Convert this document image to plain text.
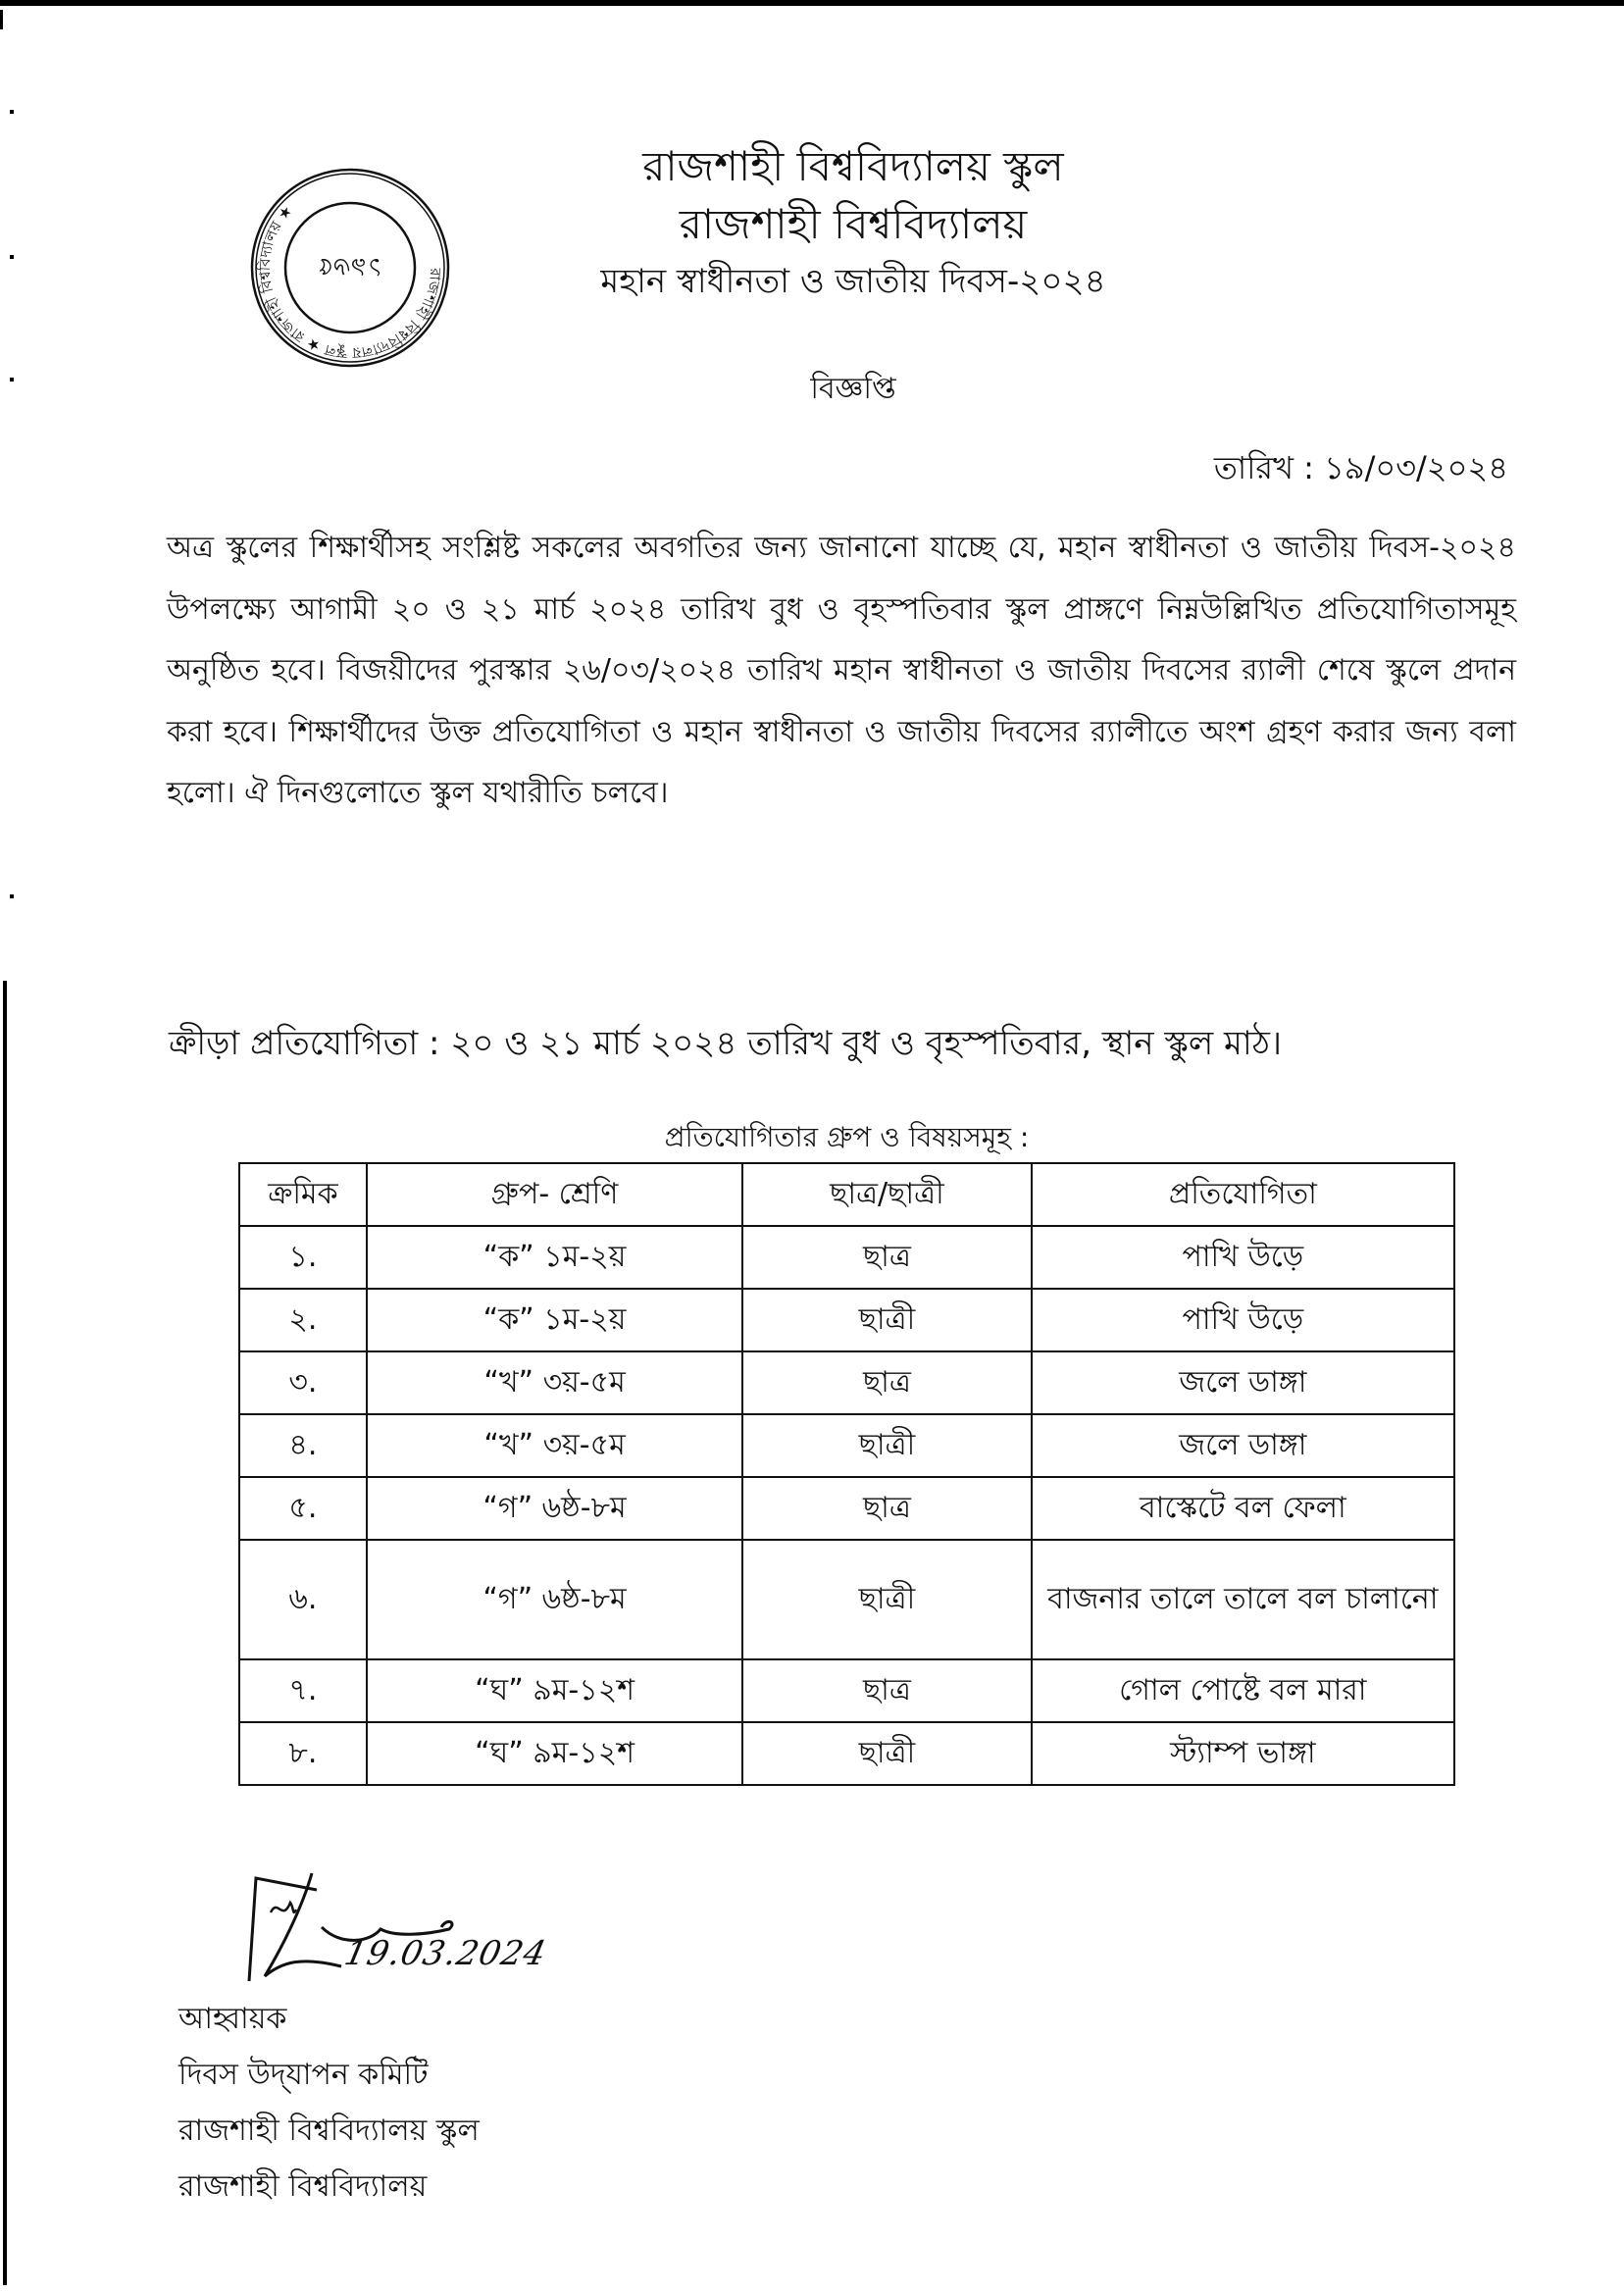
রাজশাহী বিশ্ববিদ্যালয় স্কুল ★ রাজশাহী বিশ্ববিদ্যালয় ★
১৯৬৫
রাজশাহী বিশ্ববিদ্যালয় স্কুল
রাজশাহী বিশ্ববিদ্যালয়
মহান স্বাধীনতা ও জাতীয় দিবস-২০২৪
বিজ্ঞপ্তি
তারিখ : ১৯/০৩/২০২৪
অত্র স্কুলের শিক্ষার্থীসহ সংশ্লিষ্ট সকলের অবগতির জন্য জানানো যাচ্ছে যে, মহান স্বাধীনতা ও জাতীয় দিবস-২০২৪ উপলক্ষ্যে আগামী ২০ ও ২১ মার্চ ২০২৪ তারিখ বুধ ও বৃহস্পতিবার স্কুল প্রাঙ্গণে নিম্নউল্লিখিত প্রতিযোগিতাসমূহ অনুষ্ঠিত হবে। বিজয়ীদের পুরস্কার ২৬/০৩/২০২৪ তারিখ মহান স্বাধীনতা ও জাতীয় দিবসের র‍্যালী শেষে স্কুলে প্রদান করা হবে। শিক্ষার্থীদের উক্ত প্রতিযোগিতা ও মহান স্বাধীনতা ও জাতীয় দিবসের র‍্যালীতে অংশ গ্রহণ করার জন্য বলা হলো। ঐ দিনগুলোতে স্কুল যথারীতি চলবে।
ক্রীড়া প্রতিযোগিতা : ২০ ও ২১ মার্চ ২০২৪ তারিখ বুধ ও বৃহস্পতিবার, স্থান স্কুল মাঠ।
প্রতিযোগিতার গ্রুপ ও বিষয়সমূহ :
ক্রমিক	গ্রুপ- শ্রেণি	ছাত্র/ছাত্রী	প্রতিযোগিতা
১.	“ক” ১ম-২য়	ছাত্র	পাখি উড়ে
২.	“ক” ১ম-২য়	ছাত্রী	পাখি উড়ে
৩.	“খ” ৩য়-৫ম	ছাত্র	জলে ডাঙ্গা
৪.	“খ” ৩য়-৫ম	ছাত্রী	জলে ডাঙ্গা
৫.	“গ” ৬ষ্ঠ-৮ম	ছাত্র	বাস্কেটে বল ফেলা
৬.	“গ” ৬ষ্ঠ-৮ম	ছাত্রী	বাজনার তালে তালে বল চালানো
৭.	“ঘ” ৯ম-১২শ	ছাত্র	গোল পোষ্টে বল মারা
৮.	“ঘ” ৯ম-১২শ	ছাত্রী	স্ট্যাম্প ভাঙ্গা
19.03.2024
আহ্বায়ক
দিবস উদ্‌যাপন কমিটি
রাজশাহী বিশ্ববিদ্যালয় স্কুল
রাজশাহী বিশ্ববিদ্যালয়
